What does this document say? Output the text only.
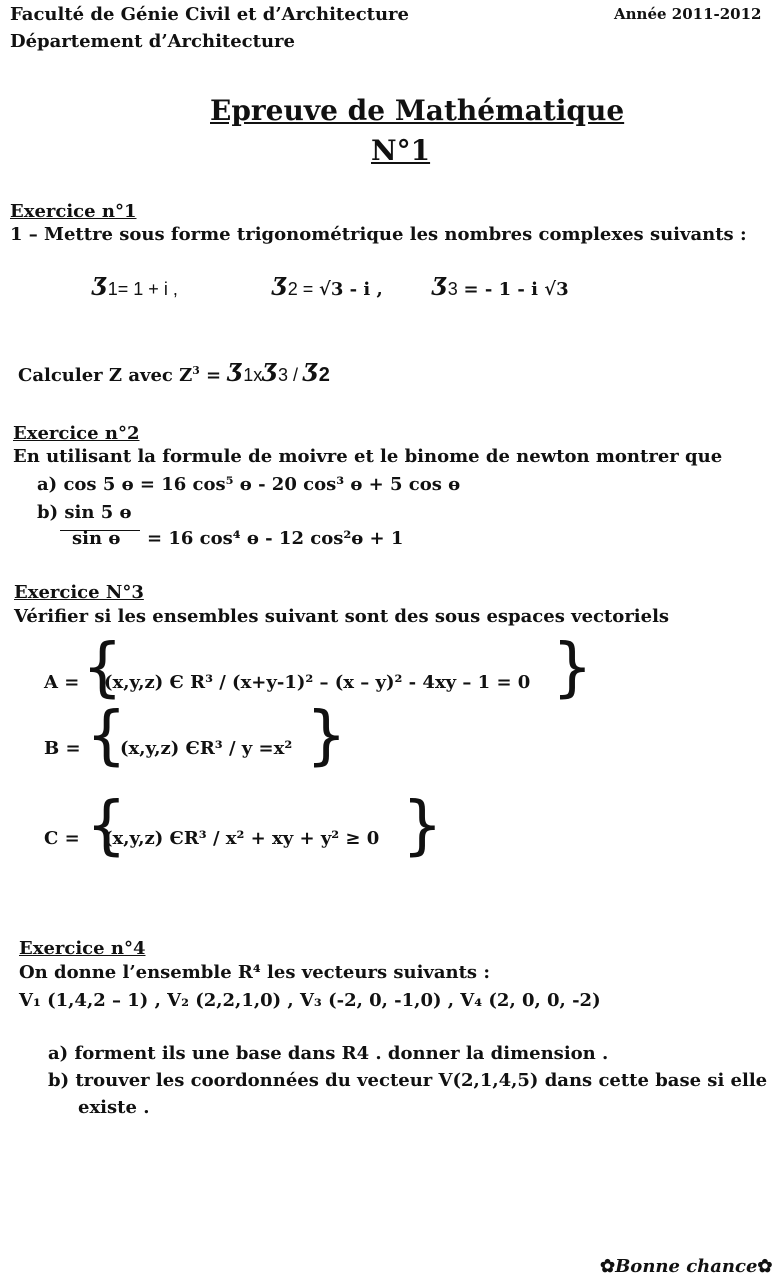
Faculté de Génie Civil et d’Architecture
Département d’Architecture
Année 2011-2012
Epreuve de Mathématique
N°1
Exercice n°1
1 – Mettre sous forme trigonométrique les nombres complexes suivants :
Ʒ1= 1 + i ,	Ʒ2 = √3 - i , Ʒ3 = - 1 - i √3
Calculer Z avec $Z^3$ = Ʒ1xƷ3 / Ʒ2
Exercice n°2
En utilisant la formule de moivre et le binome de newton montrer que
a) cos 5 ɵ = 16 cos⁵ ɵ - 20 cos³ ɵ + 5 cos ɵ
b) sin 5 ɵ
sin ɵ = 16 cos⁴ ɵ - 12 cos²ɵ + 1
Exercice N°3
Vérifier si les ensembles suivant sont des sous espaces vectoriels
A = {
(x,y,z) Є R³ / (x+y-1)² – (x – y)² - 4xy – 1 = 0 }
B = {
(x,y,z) ЄR³ / y =x² }
C = {
(x,y,z) ЄR³ / x² + xy + y² ≥ 0 }
Exercice n°4
On donne l’ensemble R⁴ les vecteurs suivants :
V₁ (1,4,2 – 1) , V₂ (2,2,1,0) , V₃ (-2, 0, -1,0) , V₄ (2, 0, 0, -2)
a) forment ils une base dans R4 . donner la dimension .
b) trouver les coordonnées du vecteur V(2,1,4,5) dans cette base si elle
existe .
✿Bonne chance✿
